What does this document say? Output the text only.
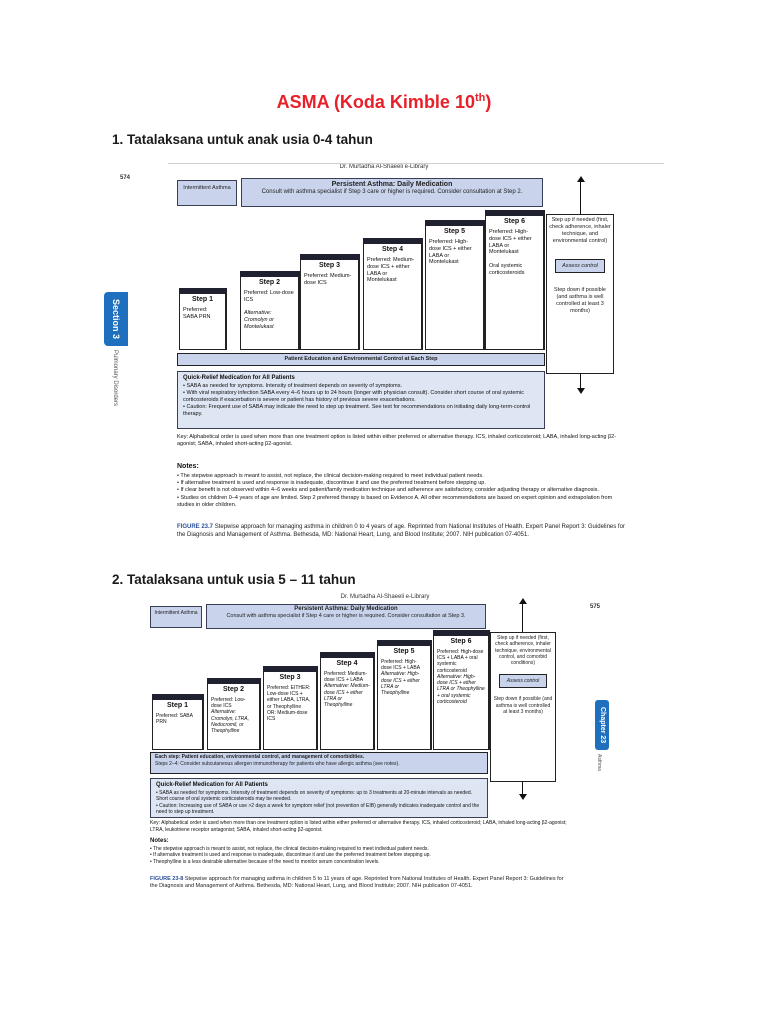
ASMA (Koda Kimble 10th)
1. Tatalaksana untuk anak usia 0-4 tahun
Dr. Murtadha Al-Shaeeli e-Library
574
Section 3
Pulmonary Disorders
Intermittent Asthma	Persistent Asthma: Daily Medication
Consult with asthma specialist if Step 3 care or higher is required. Consider consultation at Step 2.
Step 1
Preferred: SABA PRN
Step 2
Preferred: Low-dose ICS

Alternative: Cromolyn or Montelukast
Step 3
Preferred: Medium-dose ICS
Step 4
Preferred: Medium-dose ICS + either LABA or Montelukast
Step 5
Preferred: High-dose ICS + either LABA or Montelukast
Step 6
Preferred: High-dose ICS + either LABA or Montelukast

Oral systemic corticosteroids
Step up if needed (first, check adherence, inhaler technique, and environmental control)
Assess control
Step down if possible (and asthma is well controlled at least 3 months)
Patient Education and Environmental Control at Each Step
Quick-Relief Medication for All Patients
• SABA as needed for symptoms. Intensity of treatment depends on severity of symptoms.
• With viral respiratory infection SABA every 4–6 hours up to 24 hours (longer with physician consult). Consider short course of oral systemic corticosteroids if exacerbation is severe or patient has history of previous severe exacerbations.
• Caution: Frequent use of SABA may indicate the need to step up treatment. See text for recommendations on initiating daily long-term-control therapy.
Key: Alphabetical order is used when more than one treatment option is listed within either preferred or alternative therapy. ICS, inhaled corticosteroid; LABA, inhaled long-acting β2-agonist; SABA, inhaled short-acting β2-agonist.
Notes:
• The stepwise approach is meant to assist, not replace, the clinical decision-making required to meet individual patient needs.
• If alternative treatment is used and response is inadequate, discontinue it and use the preferred treatment before stepping up.
• If clear benefit is not observed within 4–6 weeks and patient/family medication technique and adherence are satisfactory, consider adjusting therapy or alternative diagnosis.
• Studies on children 0–4 years of age are limited. Step 2 preferred therapy is based on Evidence A. All other recommendations are based on expert opinion and extrapolation from studies in older children.
FIGURE 23.7 Stepwise approach for managing asthma in children 0 to 4 years of age. Reprinted from National Institutes of Health. Expert Panel Report 3: Guidelines for the Diagnosis and Management of Asthma. Bethesda, MD: National Heart, Lung, and Blood Institute; 2007. NIH publication 07-4051.
2. Tatalaksana untuk usia 5 – 11 tahun
Dr. Murtadha Al-Shaeeli e-Library
575
Chapter 23
Asthma
Intermittent Asthma
Persistent Asthma: Daily Medication
Consult with asthma specialist if Step 4 care or higher is required. Consider consultation at Step 3.
Step 1
Preferred: SABA PRN
Step 2
Preferred: Low-dose ICS
Alternative: Cromolyn, LTRA, Nedocromil, or Theophylline
Step 3
Preferred: EITHER: Low-dose ICS + either LABA, LTRA, or Theophylline
OR: Medium-dose ICS
Step 4
Preferred: Medium-dose ICS + LABA
Alternative: Medium-dose ICS + either LTRA or Theophylline
Step 5
Preferred: High-dose ICS + LABA
Alternative: High-dose ICS + either LTRA or Theophylline
Step 6
Preferred: High-dose ICS + LABA + oral systemic corticosteroid
Alternative: High-dose ICS + either LTRA or Theophylline + oral systemic corticosteroid
Step up if needed (first, check adherence, inhaler technique, environmental control, and comorbid conditions)
Assess control
Step down if possible (and asthma is well controlled at least 3 months)
Each step: Patient education, environmental control, and management of comorbidities.
Steps 2–4: Consider subcutaneous allergen immunotherapy for patients who have allergic asthma (see notes).
Quick-Relief Medication for All Patients
• SABA as needed for symptoms. Intensity of treatment depends on severity of symptoms: up to 3 treatments at 20-minute intervals as needed. Short course of oral systemic corticosteroids may be needed.
• Caution: Increasing use of SABA or use >2 days a week for symptom relief (not prevention of EIB) generally indicates inadequate control and the need to step up treatment.
Key: Alphabetical order is used when more than one treatment option is listed within either preferred or alternative therapy. ICS, inhaled corticosteroid; LABA, inhaled long-acting β2-agonist; LTRA, leukotriene receptor antagonist; SABA, inhaled short-acting β2-agonist.
Notes:
• The stepwise approach is meant to assist, not replace, the clinical decision-making required to meet individual patient needs.
• If alternative treatment is used and response is inadequate, discontinue it and use the preferred treatment before stepping up.
• Theophylline is a less desirable alternative because of the need to monitor serum concentration levels.
FIGURE 23-8 Stepwise approach for managing asthma in children 5 to 11 years of age. Reprinted from National Institutes of Health. Expert Panel Report 3: Guidelines for the Diagnosis and Management of Asthma. Bethesda, MD: National Heart, Lung, and Blood Institute; 2007. NIH publication 07-4051.
